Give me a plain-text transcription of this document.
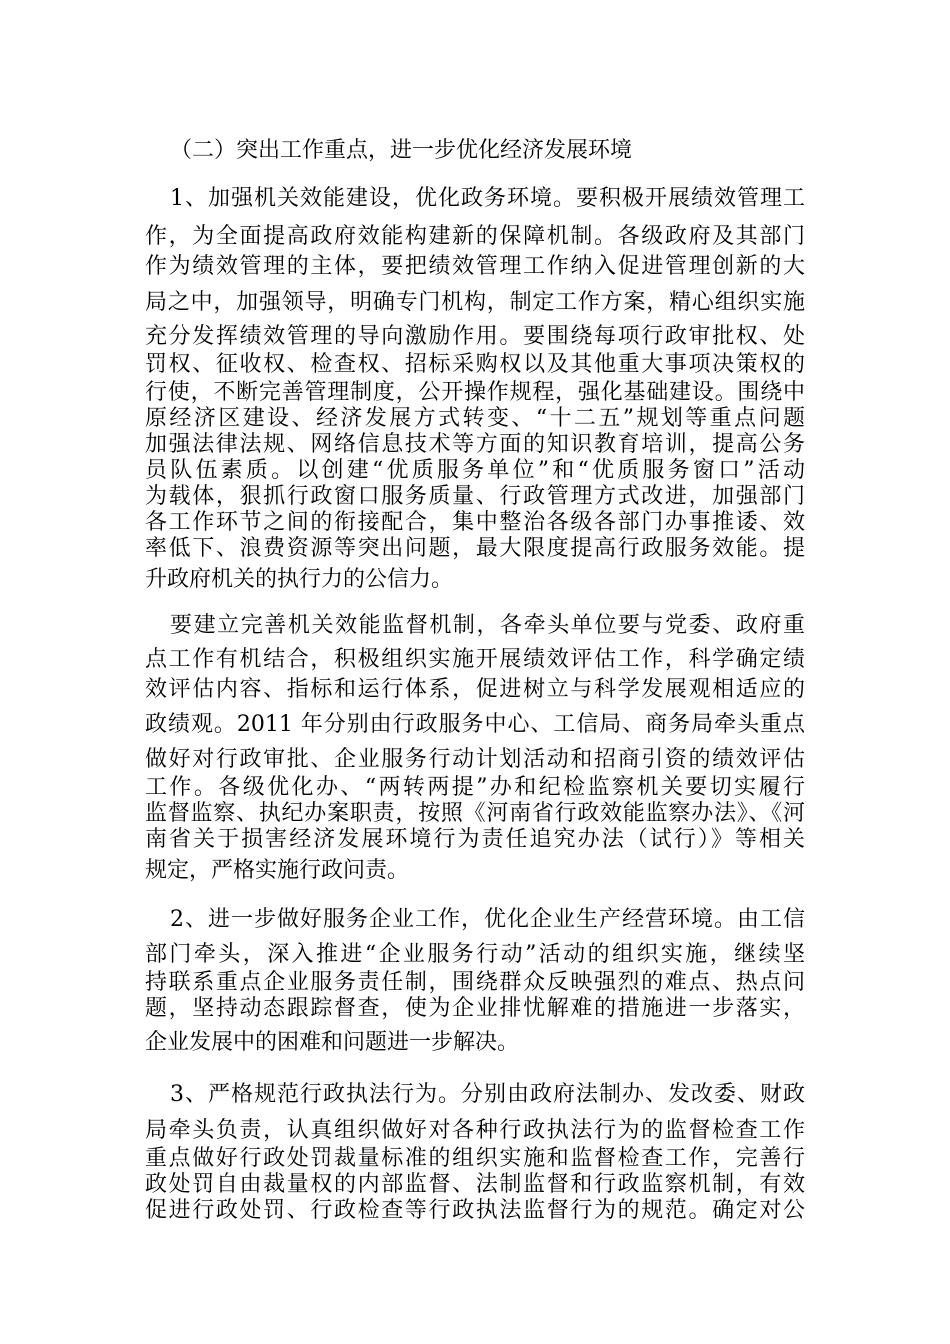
（二）突出工作重点，进一步优化经济发展环境
1、加强机关效能建设，优化政务环境。要积极开展绩效管理工
作，为全面提高政府效能构建新的保障机制。各级政府及其部门
作为绩效管理的主体，要把绩效管理工作纳入促进管理创新的大
局之中，加强领导，明确专门机构，制定工作方案，精心组织实施
充分发挥绩效管理的导向激励作用。要围绕每项行政审批权、处
罚权、征收权、检查权、招标采购权以及其他重大事项决策权的
行使，不断完善管理制度，公开操作规程，强化基础建设。围绕中
原经济区建设、经济发展方式转变、“十二五”规划等重点问题
加强法律法规、网络信息技术等方面的知识教育培训，提高公务
员队伍素质。以创建“优质服务单位”和“优质服务窗口”活动
为载体，狠抓行政窗口服务质量、行政管理方式改进，加强部门
各工作环节之间的衔接配合，集中整治各级各部门办事推诿、效
率低下、浪费资源等突出问题，最大限度提高行政服务效能。提
升政府机关的执行力的公信力。
要建立完善机关效能监督机制，各牵头单位要与党委、政府重
点工作有机结合，积极组织实施开展绩效评估工作，科学确定绩
效评估内容、指标和运行体系，促进树立与科学发展观相适应的
政绩观。2011 年分别由行政服务中心、工信局、商务局牵头重点
做好对行政审批、企业服务行动计划活动和招商引资的绩效评估
工作。各级优化办、“两转两提”办和纪检监察机关要切实履行
监督监察、执纪办案职责，按照《河南省行政效能监察办法》、《河
南省关于损害经济发展环境行为责任追究办法（试行）》等相关
规定，严格实施行政问责。
2、进一步做好服务企业工作，优化企业生产经营环境。由工信
部门牵头，深入推进“企业服务行动”活动的组织实施，继续坚
持联系重点企业服务责任制，围绕群众反映强烈的难点、热点问
题，坚持动态跟踪督查，使为企业排忧解难的措施进一步落实，
企业发展中的困难和问题进一步解决。
3、严格规范行政执法行为。分别由政府法制办、发改委、财政
局牵头负责，认真组织做好对各种行政执法行为的监督检查工作
重点做好行政处罚裁量标准的组织实施和监督检查工作，完善行
政处罚自由裁量权的内部监督、法制监督和行政监察机制，有效
促进行政处罚、行政检查等行政执法监督行为的规范。确定对公
